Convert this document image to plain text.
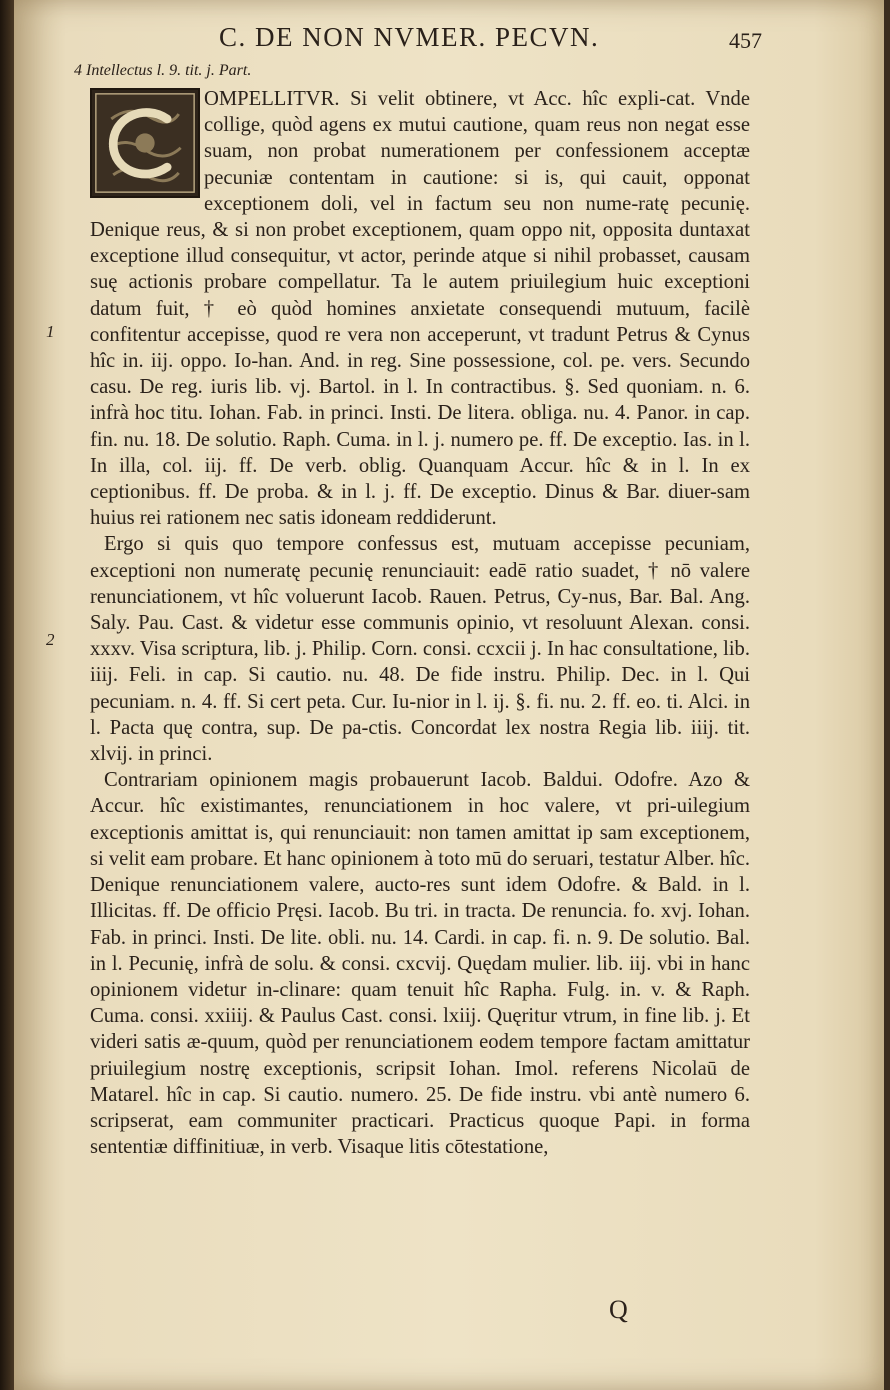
C. DE NON NVMER. PECVN.	457
4 Intellectus l. 9. tit. j. Part.

OMPELLITVR. Si velit obtinere, vt Acc. hîc expli-cat. Vnde collige, quòd agens ex mutui cautione, quam reus non negat esse suam, non probat numerationem per confessionem acceptæ pecuniæ contentam in cautione: si is, qui cauit, opponat exceptionem doli, vel in factum seu non nume-ratę pecunię. Denique reus, & si non probet exceptionem, quam oppo nit, opposita duntaxat exceptione illud consequitur, vt actor, perinde atque si nihil probasset, causam suę actionis probare compellatur. Ta le autem priuilegium huic exceptioni datum fuit, † eò quòd homines anxietate consequendi mutuum, facilè confitentur accepisse, quod re vera non acceperunt, vt tradunt Petrus & Cynus hîc in. iij. oppo. Io-han. And. in reg. Sine possessione, col. pe. vers. Secundo casu. De reg. iuris lib. vj. Bartol. in l. In contractibus. §. Sed quoniam. n. 6. infrà hoc titu. Iohan. Fab. in princi. Insti. De litera. obliga. nu. 4. Panor. in cap. fin. nu. 18. De solutio. Raph. Cuma. in l. j. numero pe. ff. De exceptio. Ias. in l. In illa, col. iij. ff. De verb. oblig. Quanquam Accur. hîc & in l. In ex ceptionibus. ff. De proba. & in l. j. ff. De exceptio. Dinus & Bar. diuer-sam huius rei rationem nec satis idoneam reddiderunt.

Ergo si quis quo tempore confessus est, mutuam accepisse pecuniam, exceptioni non numeratę pecunię renunciauit: eadē ratio suadet, † nō valere renunciationem, vt hîc voluerunt Iacob. Rauen. Petrus, Cy-nus, Bar. Bal. Ang. Saly. Pau. Cast. & videtur esse communis opinio, vt resoluunt Alexan. consi. xxxv. Visa scriptura, lib. j. Philip. Corn. consi. ccxcii j. In hac consultatione, lib. iiij. Feli. in cap. Si cautio. nu. 48. De fide instru. Philip. Dec. in l. Qui pecuniam. n. 4. ff. Si cert peta. Cur. Iu-nior in l. ij. §. fi. nu. 2. ff. eo. ti. Alci. in l. Pacta quę contra, sup. De pa-ctis. Concordat lex nostra Regia lib. iiij. tit. xlvij. in princi.

Contrariam opinionem magis probauerunt Iacob. Baldui. Odofre. Azo & Accur. hîc existimantes, renunciationem in hoc valere, vt pri-uilegium exceptionis amittat is, qui renunciauit: non tamen amittat ip sam exceptionem, si velit eam probare. Et hanc opinionem à toto mū do seruari, testatur Alber. hîc. Denique renunciationem valere, aucto-res sunt idem Odofre. & Bald. in l. Illicitas. ff. De officio Pręsi. Iacob. Bu tri. in tracta. De renuncia. fo. xvj. Iohan. Fab. in princi. Insti. De lite. obli. nu. 14. Cardi. in cap. fi. n. 9. De solutio. Bal. in l. Pecunię, infrà de solu. & consi. cxcvij. Quędam mulier. lib. iij. vbi in hanc opinionem videtur in-clinare: quam tenuit hîc Rapha. Fulg. in. v. & Raph. Cuma. consi. xxiiij. & Paulus Cast. consi. lxiij. Quęritur vtrum, in fine lib. j. Et videri satis æ-quum, quòd per renunciationem eodem tempore factam amittatur priuilegium nostrę exceptionis, scripsit Iohan. Imol. referens Nicolaū de Matarel. hîc in cap. Si cautio. numero. 25. De fide instru. vbi antè numero 6. scripserat, eam communiter practicari. Practicus quoque Papi. in forma sententiæ diffinitiuæ, in verb. Visaque litis cōtestatione,

1
2
Q
